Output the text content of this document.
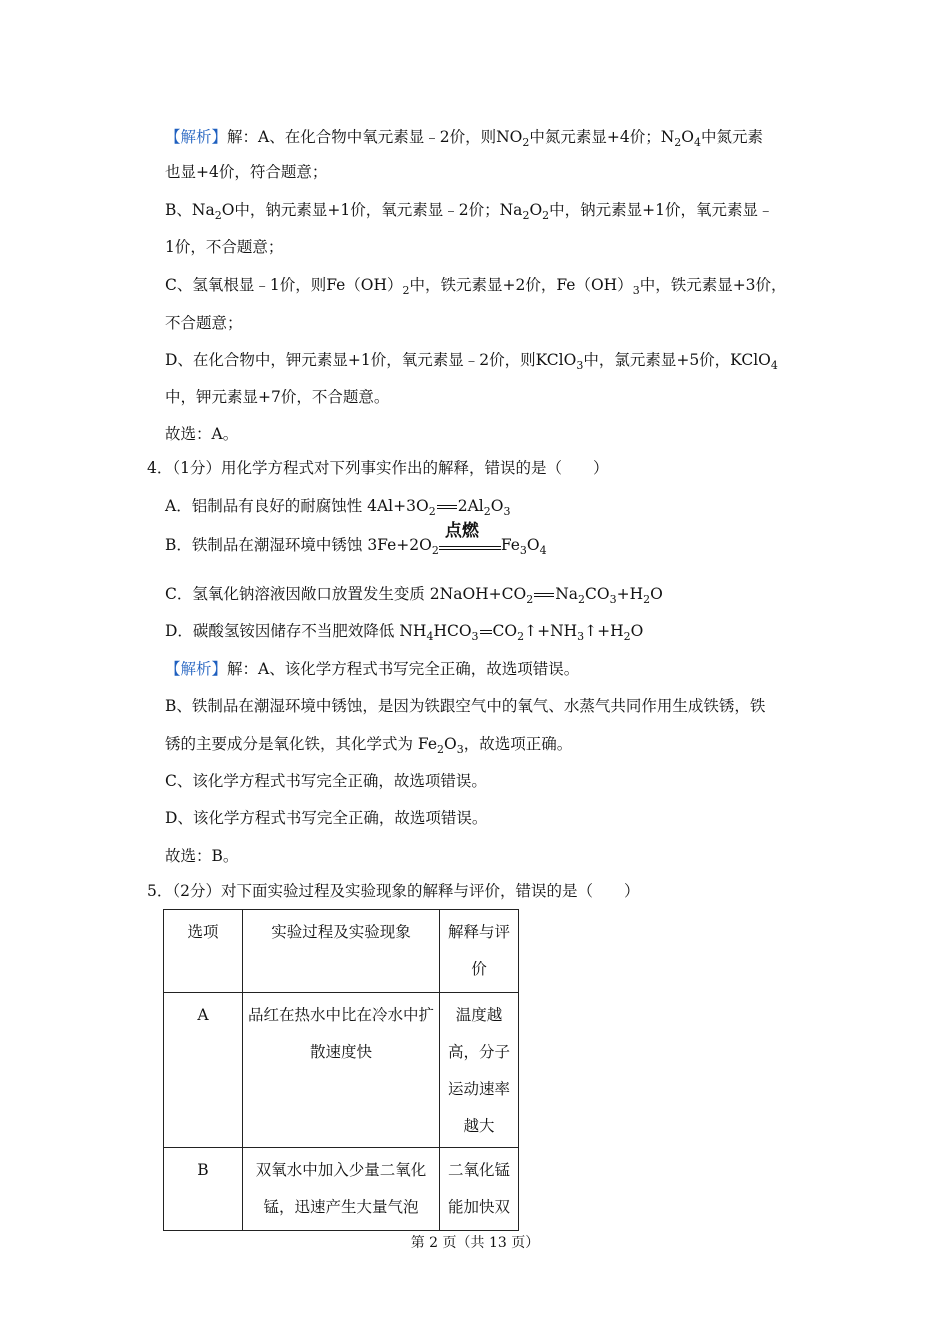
【解析】解：A、在化合物中氧元素显﹣2价，则$NO_2$中氮元素显+4价；$N_2O_4$中氮元素
也显+4价，符合题意；
B、$Na_2O$中，钠元素显+1价，氧元素显﹣2价；$Na_2O_2$中，钠元素显+1价，氧元素显﹣
1价，不合题意；
C、氢氧根显﹣1价，则$Fe(OH)_2$中，铁元素显+2价，$Fe(OH)_3$中，铁元素显+3价，
不合题意；
D、在化合物中，钾元素显+1价，氧元素显﹣2价，则KClO$_3$中，氯元素显+5价，KClO$_4$
中，钾元素显+7价，不合题意。
故选：A。
4．（1分）用化学方程式对下列事实作出的解释，错误的是（　　）
A．铝制品有良好的耐腐蚀性 $4Al+3O_2$ $2Al_2O_3$
B．铁制品在潮湿环境中锈蚀 $3Fe+2O_2$
点燃
$Fe_3O_4$
C．氢氧化钠溶液因敞口放置发生变质 $2NaOH+CO_2$ $Na_2CO_3+H_2O$
D．碳酸氢铵因储存不当肥效降低 $NH_4HCO_3$ $CO_2↑+NH_3↑+H_2O$
【解析】解：A、该化学方程式书写完全正确，故选项错误。
B、铁制品在潮湿环境中锈蚀，是因为铁跟空气中的氧气、水蒸气共同作用生成铁锈，铁
锈的主要成分是氧化铁，其化学式为 $Fe_2O_3$，故选项正确。
C、该化学方程式书写完全正确，故选项错误。
D、该化学方程式书写完全正确，故选项错误。
故选：B。
5．（2分）对下面实验过程及实验现象的解释与评价，错误的是（　　）
选项	实验过程及实验现象	解释与评价
A	品红在热水中比在冷水中扩散速度快	温度越高，分子运动速率越大
B	双氧水中加入少量二氧化锰，迅速产生大量气泡	二氧化锰能加快双
第 2 页（共 13 页）
